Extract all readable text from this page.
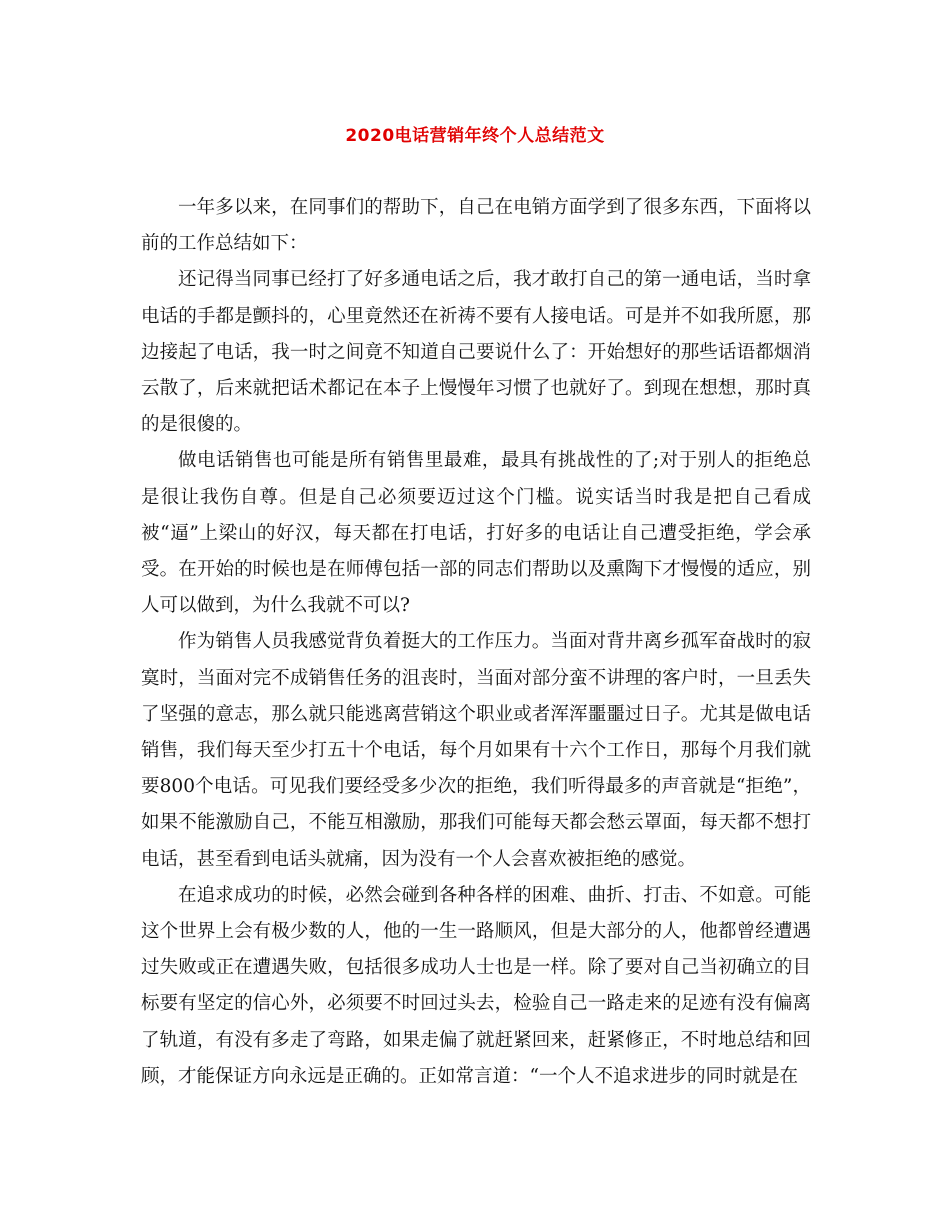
2020电话营销年终个人总结范文

一年多以来，在同事们的帮助下，自己在电销方面学到了很多东西，下面将以前的工作总结如下：

还记得当同事已经打了好多通电话之后，我才敢打自己的第一通电话，当时拿电话的手都是颤抖的，心里竟然还在祈祷不要有人接电话。可是并不如我所愿，那边接起了电话，我一时之间竟不知道自己要说什么了：开始想好的那些话语都烟消云散了，后来就把话术都记在本子上慢慢年习惯了也就好了。到现在想想，那时真的是很傻的。

做电话销售也可能是所有销售里最难，最具有挑战性的了;对于别人的拒绝总是很让我伤自尊。但是自己必须要迈过这个门槛。说实话当时我是把自己看成被“逼”上梁山的好汉，每天都在打电话，打好多的电话让自己遭受拒绝，学会承受。在开始的时候也是在师傅包括一部的同志们帮助以及熏陶下才慢慢的适应，别人可以做到，为什么我就不可以?

作为销售人员我感觉背负着挺大的工作压力。当面对背井离乡孤军奋战时的寂寞时，当面对完不成销售任务的沮丧时，当面对部分蛮不讲理的客户时，一旦丢失了坚强的意志，那么就只能逃离营销这个职业或者浑浑噩噩过日子。尤其是做电话销售，我们每天至少打五十个电话，每个月如果有十六个工作日，那每个月我们就要800个电话。可见我们要经受多少次的拒绝，我们听得最多的声音就是“拒绝”，如果不能激励自己，不能互相激励，那我们可能每天都会愁云罩面，每天都不想打电话，甚至看到电话头就痛，因为没有一个人会喜欢被拒绝的感觉。

在追求成功的时候，必然会碰到各种各样的困难、曲折、打击、不如意。可能这个世界上会有极少数的人，他的一生一路顺风，但是大部分的人，他都曾经遭遇过失败或正在遭遇失败，包括很多成功人士也是一样。除了要对自己当初确立的目标要有坚定的信心外，必须要不时回过头去，检验自己一路走来的足迹有没有偏离了轨道，有没有多走了弯路，如果走偏了就赶紧回来，赶紧修正，不时地总结和回顾，才能保证方向永远是正确的。正如常言道：“一个人不追求进步的同时就是在
